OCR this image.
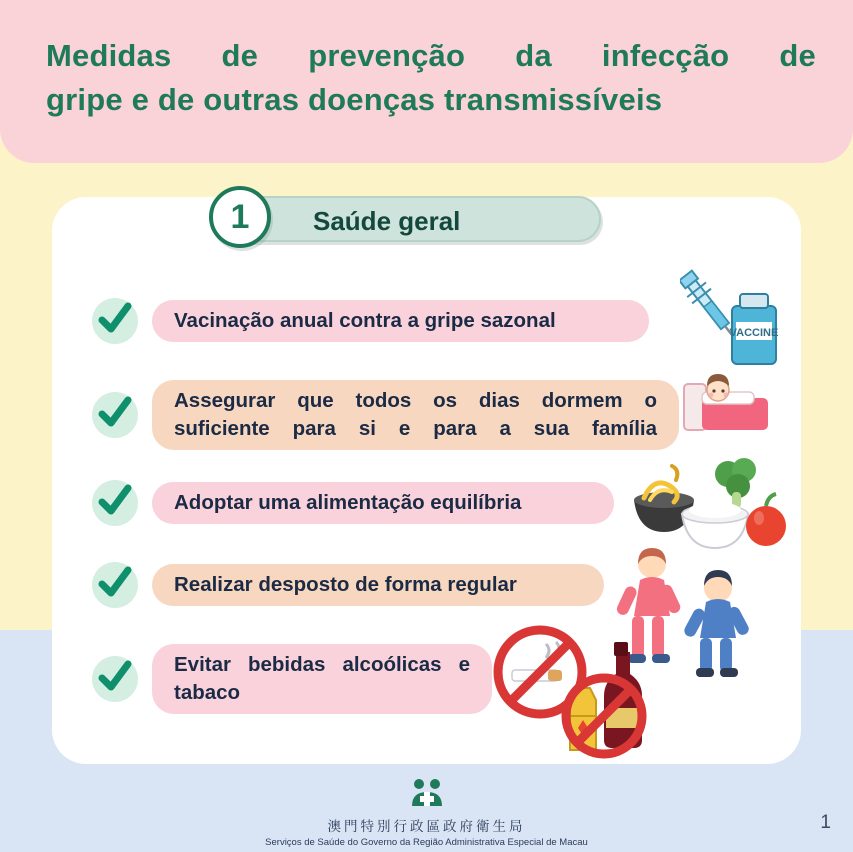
Medidas de prevenção da infecção de
gripe e de outras doenças transmissíveis
Saúde geral
1
VACCINE
Vacinação anual contra a gripe sazonal
Assegurar que todos os dias dormem o suficiente para si e para a sua família
Adoptar uma alimentação equilíbria
Realizar desposto de forma regular
Evitar bebidas alcoólicas e tabaco
澳門特別行政區政府衛生局
Serviços de Saúde do Governo da Região Administrativa Especial de Macau
1
